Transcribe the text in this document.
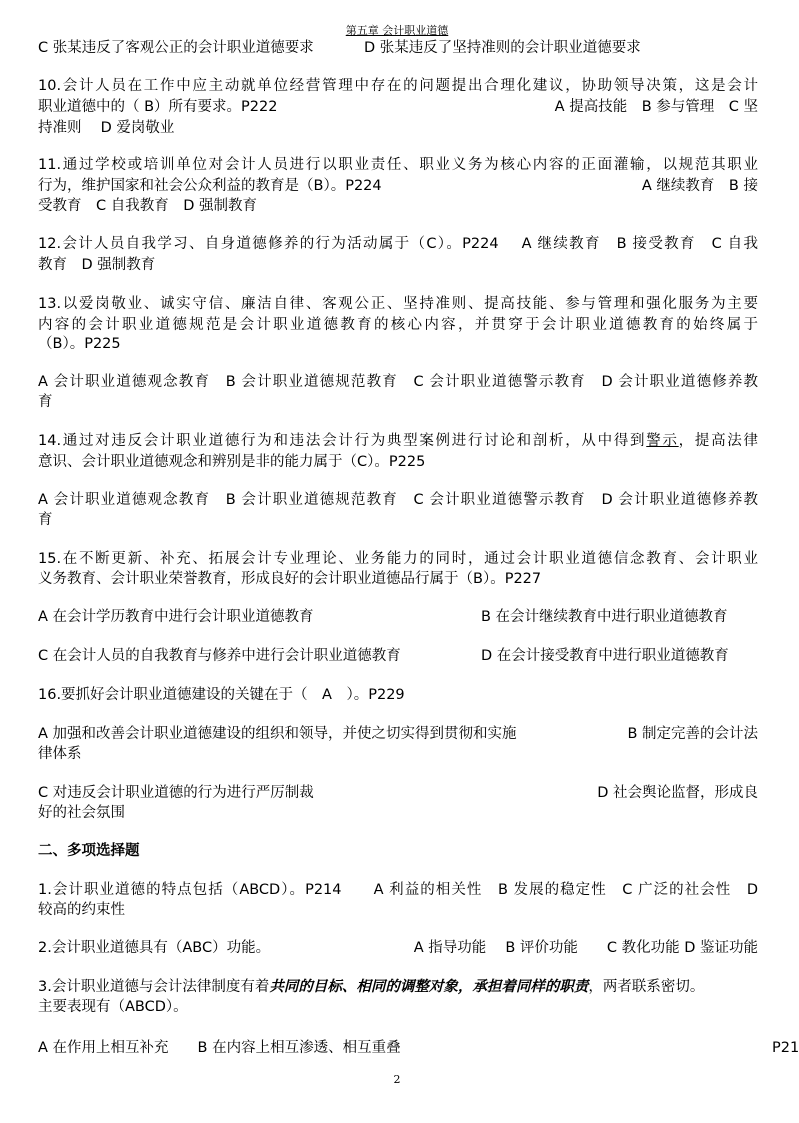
第五章 会计职业道德
C 张某违反了客观公正的会计职业道德要求	D 张某违反了坚持准则的会计职业道德要求
10.会计人员在工作中应主动就单位经营管理中存在的问题提出合理化建议，协助领导决策，这是会计
职业道德中的（ B）所有要求。P222	A 提高技能　B 参与管理　C 坚
持准则　 D 爱岗敬业
11.通过学校或培训单位对会计人员进行以职业责任、职业义务为核心内容的正面灌输，以规范其职业
行为，维护国家和社会公众利益的教育是（B）。P224	A 继续教育　B 接
受教育　C 自我教育　D 强制教育
12.会计人员自我学习、自身道德修养的行为活动属于（C）。P224　 A 继续教育　B 接受教育　C 自我
教育　D 强制教育
13.以爱岗敬业、诚实守信、廉洁自律、客观公正、坚持准则、提高技能、参与管理和强化服务为主要
内容的会计职业道德规范是会计职业道德教育的核心内容，并贯穿于会计职业道德教育的始终属于
（B）。P225
A 会计职业道德观念教育　B 会计职业道德规范教育　C 会计职业道德警示教育　D 会计职业道德修养教
育
14.通过对违反会计职业道德行为和违法会计行为典型案例进行讨论和剖析，从中得到警示，提高法律
意识、会计职业道德观念和辨别是非的能力属于（C）。P225
A 会计职业道德观念教育　B 会计职业道德规范教育　C 会计职业道德警示教育　D 会计职业道德修养教
育
15.在不断更新、补充、拓展会计专业理论、业务能力的同时，通过会计职业道德信念教育、会计职业
义务教育、会计职业荣誉教育，形成良好的会计职业道德品行属于（B）。P227
A 在会计学历教育中进行会计职业道德教育	B 在会计继续教育中进行职业道德教育
C 在会计人员的自我教育与修养中进行会计职业道德教育	D 在会计接受教育中进行职业道德教育
16.要抓好会计职业道德建设的关键在于（　A　）。P229
A 加强和改善会计职业道德建设的组织和领导，并使之切实得到贯彻和实施	B 制定完善的会计法
律体系
C 对违反会计职业道德的行为进行严厉制裁	D 社会舆论监督，形成良
好的社会氛围
二、多项选择题
1.会计职业道德的特点包括（ABCD）。P214　　A 利益的相关性　B 发展的稳定性　C 广泛的社会性　D
较高的约束性
2.会计职业道德具有（ABC）功能。	A 指导功能　 B 评价功能　　C 教化功能 D 鉴证功能
3.会计职业道德与会计法律制度有着共同的目标、相同的调整对象，承担着同样的职责，两者联系密切。
主要表现有（ABCD）。
A 在作用上相互补充　　B 在内容上相互渗透、相互重叠	P21
2
